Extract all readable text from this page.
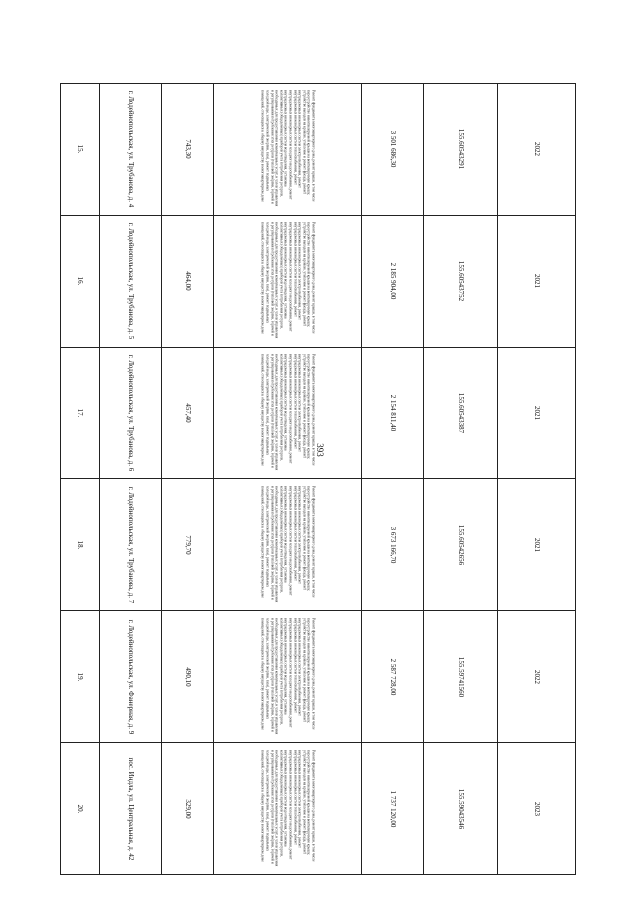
393
15.	г. Лодейнопольская, ул. Трубанова, д. 4	743,30	Ремонт фундамента многоквартирного дома, ремонт крыши, в том числе переустройство невентилируемой крыши на вентилируемую крышу, устройство выходов на кровлю, утепление и ремонт фасада, ремонт внутридомовых инженерных систем электроснабжения, ремонт внутридомовых инженерных систем теплоснабжения, ремонт внутридомовых инженерных систем холодного водоснабжения, ремонт внутридомовых инженерных систем водоотведения, установка коллективных (общедомовых) приборов учета потребления ресурсов, необходимых для предоставления коммунальных услуг, и узлов управления и регулирования потребления этих ресурсов (тепловой энергии, горячей и холодной воды, электрической энергии, газа), ремонт подвальных помещений, относящихся к общему имуществу в многоквартирном доме	3 501 686,30	155.60543291	2022
16.	г. Лодейнопольская, ул. Трубанова, д. 5	464,00	Ремонт фундамента многоквартирного дома, ремонт крыши, в том числе переустройство невентилируемой крыши на вентилируемую крышу, устройство выходов на кровлю, утепление и ремонт фасада, ремонт внутридомовых инженерных систем электроснабжения, ремонт внутридомовых инженерных систем теплоснабжения, ремонт внутридомовых инженерных систем холодного водоснабжения, ремонт внутридомовых инженерных систем водоотведения, установка коллективных (общедомовых) приборов учета потребления ресурсов, необходимых для предоставления коммунальных услуг, и узлов управления и регулирования потребления этих ресурсов (тепловой энергии, горячей и холодной воды, электрической энергии, газа), ремонт подвальных помещений, относящихся к общему имуществу в многоквартирном доме	2 185 904,00	155.60543752	2021
17.	г. Лодейнопольская, ул. Трубанова, д. 6	457,40	Ремонт фундамента многоквартирного дома, ремонт крыши, в том числе переустройство невентилируемой крыши на вентилируемую крышу, устройство выходов на кровлю, утепление и ремонт фасада, ремонт внутридомовых инженерных систем электроснабжения, ремонт внутридомовых инженерных систем теплоснабжения, ремонт внутридомовых инженерных систем холодного водоснабжения, ремонт внутридомовых инженерных систем водоотведения, установка коллективных (общедомовых) приборов учета потребления ресурсов, необходимых для предоставления коммунальных услуг, и узлов управления и регулирования потребления этих ресурсов (тепловой энергии, горячей и холодной воды, электрической энергии, газа), ремонт подвальных помещений, относящихся к общему имуществу в многоквартирном доме	2 154 811,40	155.60543387	2021
18.	г. Лодейнопольская, ул. Трубанова, д. 7	779,70	Ремонт фундамента многоквартирного дома, ремонт крыши, в том числе переустройство невентилируемой крыши на вентилируемую крышу, устройство выходов на кровлю, утепление и ремонт фасада, ремонт внутридомовых инженерных систем электроснабжения, ремонт внутридомовых инженерных систем теплоснабжения, ремонт внутридомовых инженерных систем холодного водоснабжения, ремонт внутридомовых инженерных систем водоотведения, установка коллективных (общедомовых) приборов учета потребления ресурсов, необходимых для предоставления коммунальных услуг, и узлов управления и регулирования потребления этих ресурсов (тепловой энергии, горячей и холодной воды, электрической энергии, газа), ремонт подвальных помещений, относящихся к общему имуществу в многоквартирном доме	3 673 166,70	155.60542656	2021
19.	г. Лодейнопольская, ул. Фанерная, д. 9	490,10	Ремонт фундамента многоквартирного дома, ремонт крыши, в том числе переустройство невентилируемой крыши на вентилируемую крышу, устройство выходов на кровлю, утепление и ремонт фасада, ремонт внутридомовых инженерных систем электроснабжения, ремонт внутридомовых инженерных систем теплоснабжения, ремонт внутридомовых инженерных систем холодного водоснабжения, ремонт внутридомовых инженерных систем водоотведения, установка коллективных (общедомовых) приборов учета потребления ресурсов, необходимых для предоставления коммунальных услуг, и узлов управления и регулирования потребления этих ресурсов (тепловой энергии, горячей и холодной воды, электрической энергии, газа), ремонт подвальных помещений, относящихся к общему имуществу в многоквартирном доме	2 587 728,00	155.59741560	2022
20.	пос. Индла, ул. Центральная, д. 42	329,00	Ремонт фундамента многоквартирного дома, ремонт крыши, в том числе переустройство невентилируемой крыши на вентилируемую крышу, устройство выходов на кровлю, утепление и ремонт фасада, ремонт внутридомовых инженерных систем электроснабжения, ремонт внутридомовых инженерных систем теплоснабжения, ремонт внутридомовых инженерных систем холодного водоснабжения, ремонт внутридомовых инженерных систем водоотведения, установка коллективных (общедомовых) приборов учета потребления ресурсов, необходимых для предоставления коммунальных услуг, и узлов управления и регулирования потребления этих ресурсов (тепловой энергии, горячей и холодной воды, электрической энергии, газа), ремонт подвальных помещений, относящихся к общему имуществу в многоквартирном доме	1 737 120,00	155.59043546	2023
